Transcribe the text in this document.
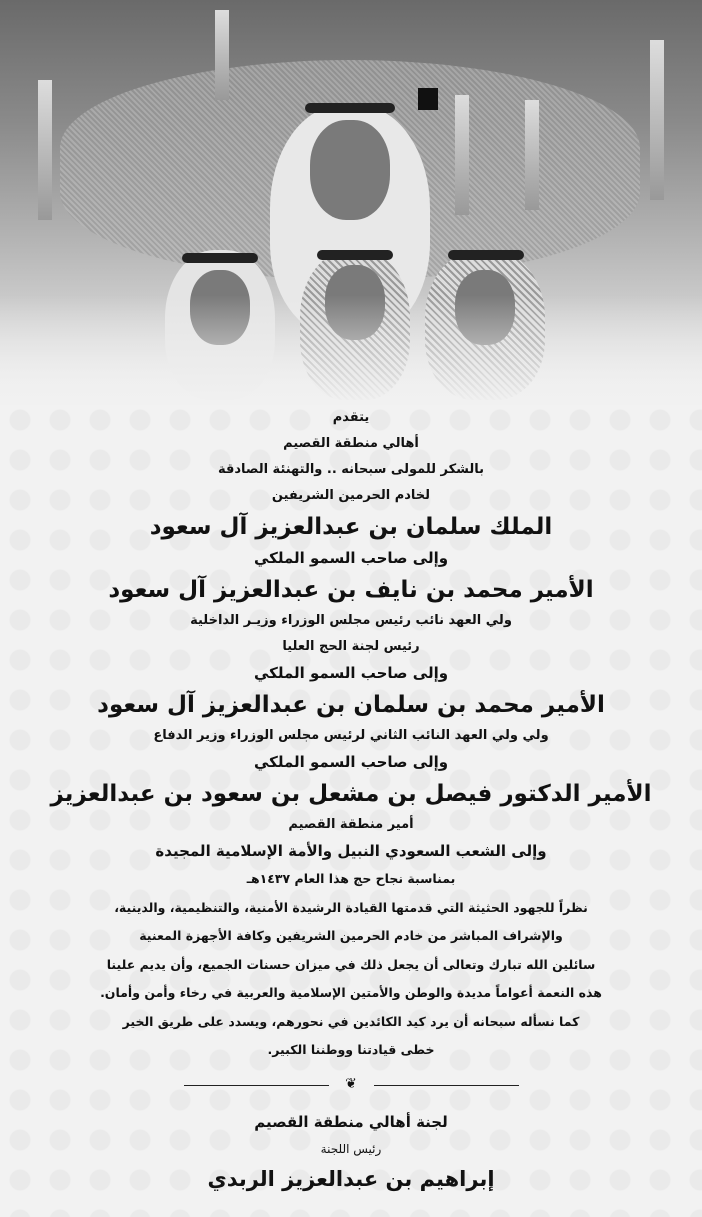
يتقدم
أهالي منطقة القصيم
بالشكر للمولى سبحانه .. والتهنئة الصادقة
لخادم الحرمين الشريفين
الملك سلمان بن عبدالعزيز آل سعود
وإلى صاحب السمو الملكي
الأمير محمد بن نايف بن عبدالعزيز آل سعود
ولي العهد نائب رئيس مجلس الوزراء وزيـر الداخلية
رئيس لجنة الحج العليا
وإلى صاحب السمو الملكي
الأمير محمد بن سلمان بن عبدالعزيز آل سعود
ولي ولي العهد النائب الثاني لرئيس مجلس الوزراء وزير الدفاع
وإلى صاحب السمو الملكي
الأمير الدكتور فيصل بن مشعل بن سعود بن عبدالعزيز
أمير منطقة القصيم
وإلى الشعب السعودي النبيل والأمة الإسلامية المجيدة
بمناسبة نجاح حج هذا العام ١٤٣٧هـ
نظراً للجهود الحثيثة التي قدمتها القيادة الرشيدة الأمنية، والتنظيمية، والدينية،
والإشراف المباشر من خادم الحرمين الشريفين وكافة الأجهزة المعنية
سائلين الله تبارك وتعالى أن يجعل ذلك في ميزان حسنات الجميع، وأن يديم علينا
هذه النعمة أعواماً مديدة والوطن والأمتين الإسلامية والعربية في رخاء وأمن وأمان.
كما نسأله سبحانه أن يرد كيد الكائدين في نحورهم، ويسدد على طريق الخير
خطى قيادتنا ووطننا الكبير.
❦
لجنة أهالي منطقة القصيم
رئيس اللجنة
إبراهيم بن عبدالعزيز الربدي
